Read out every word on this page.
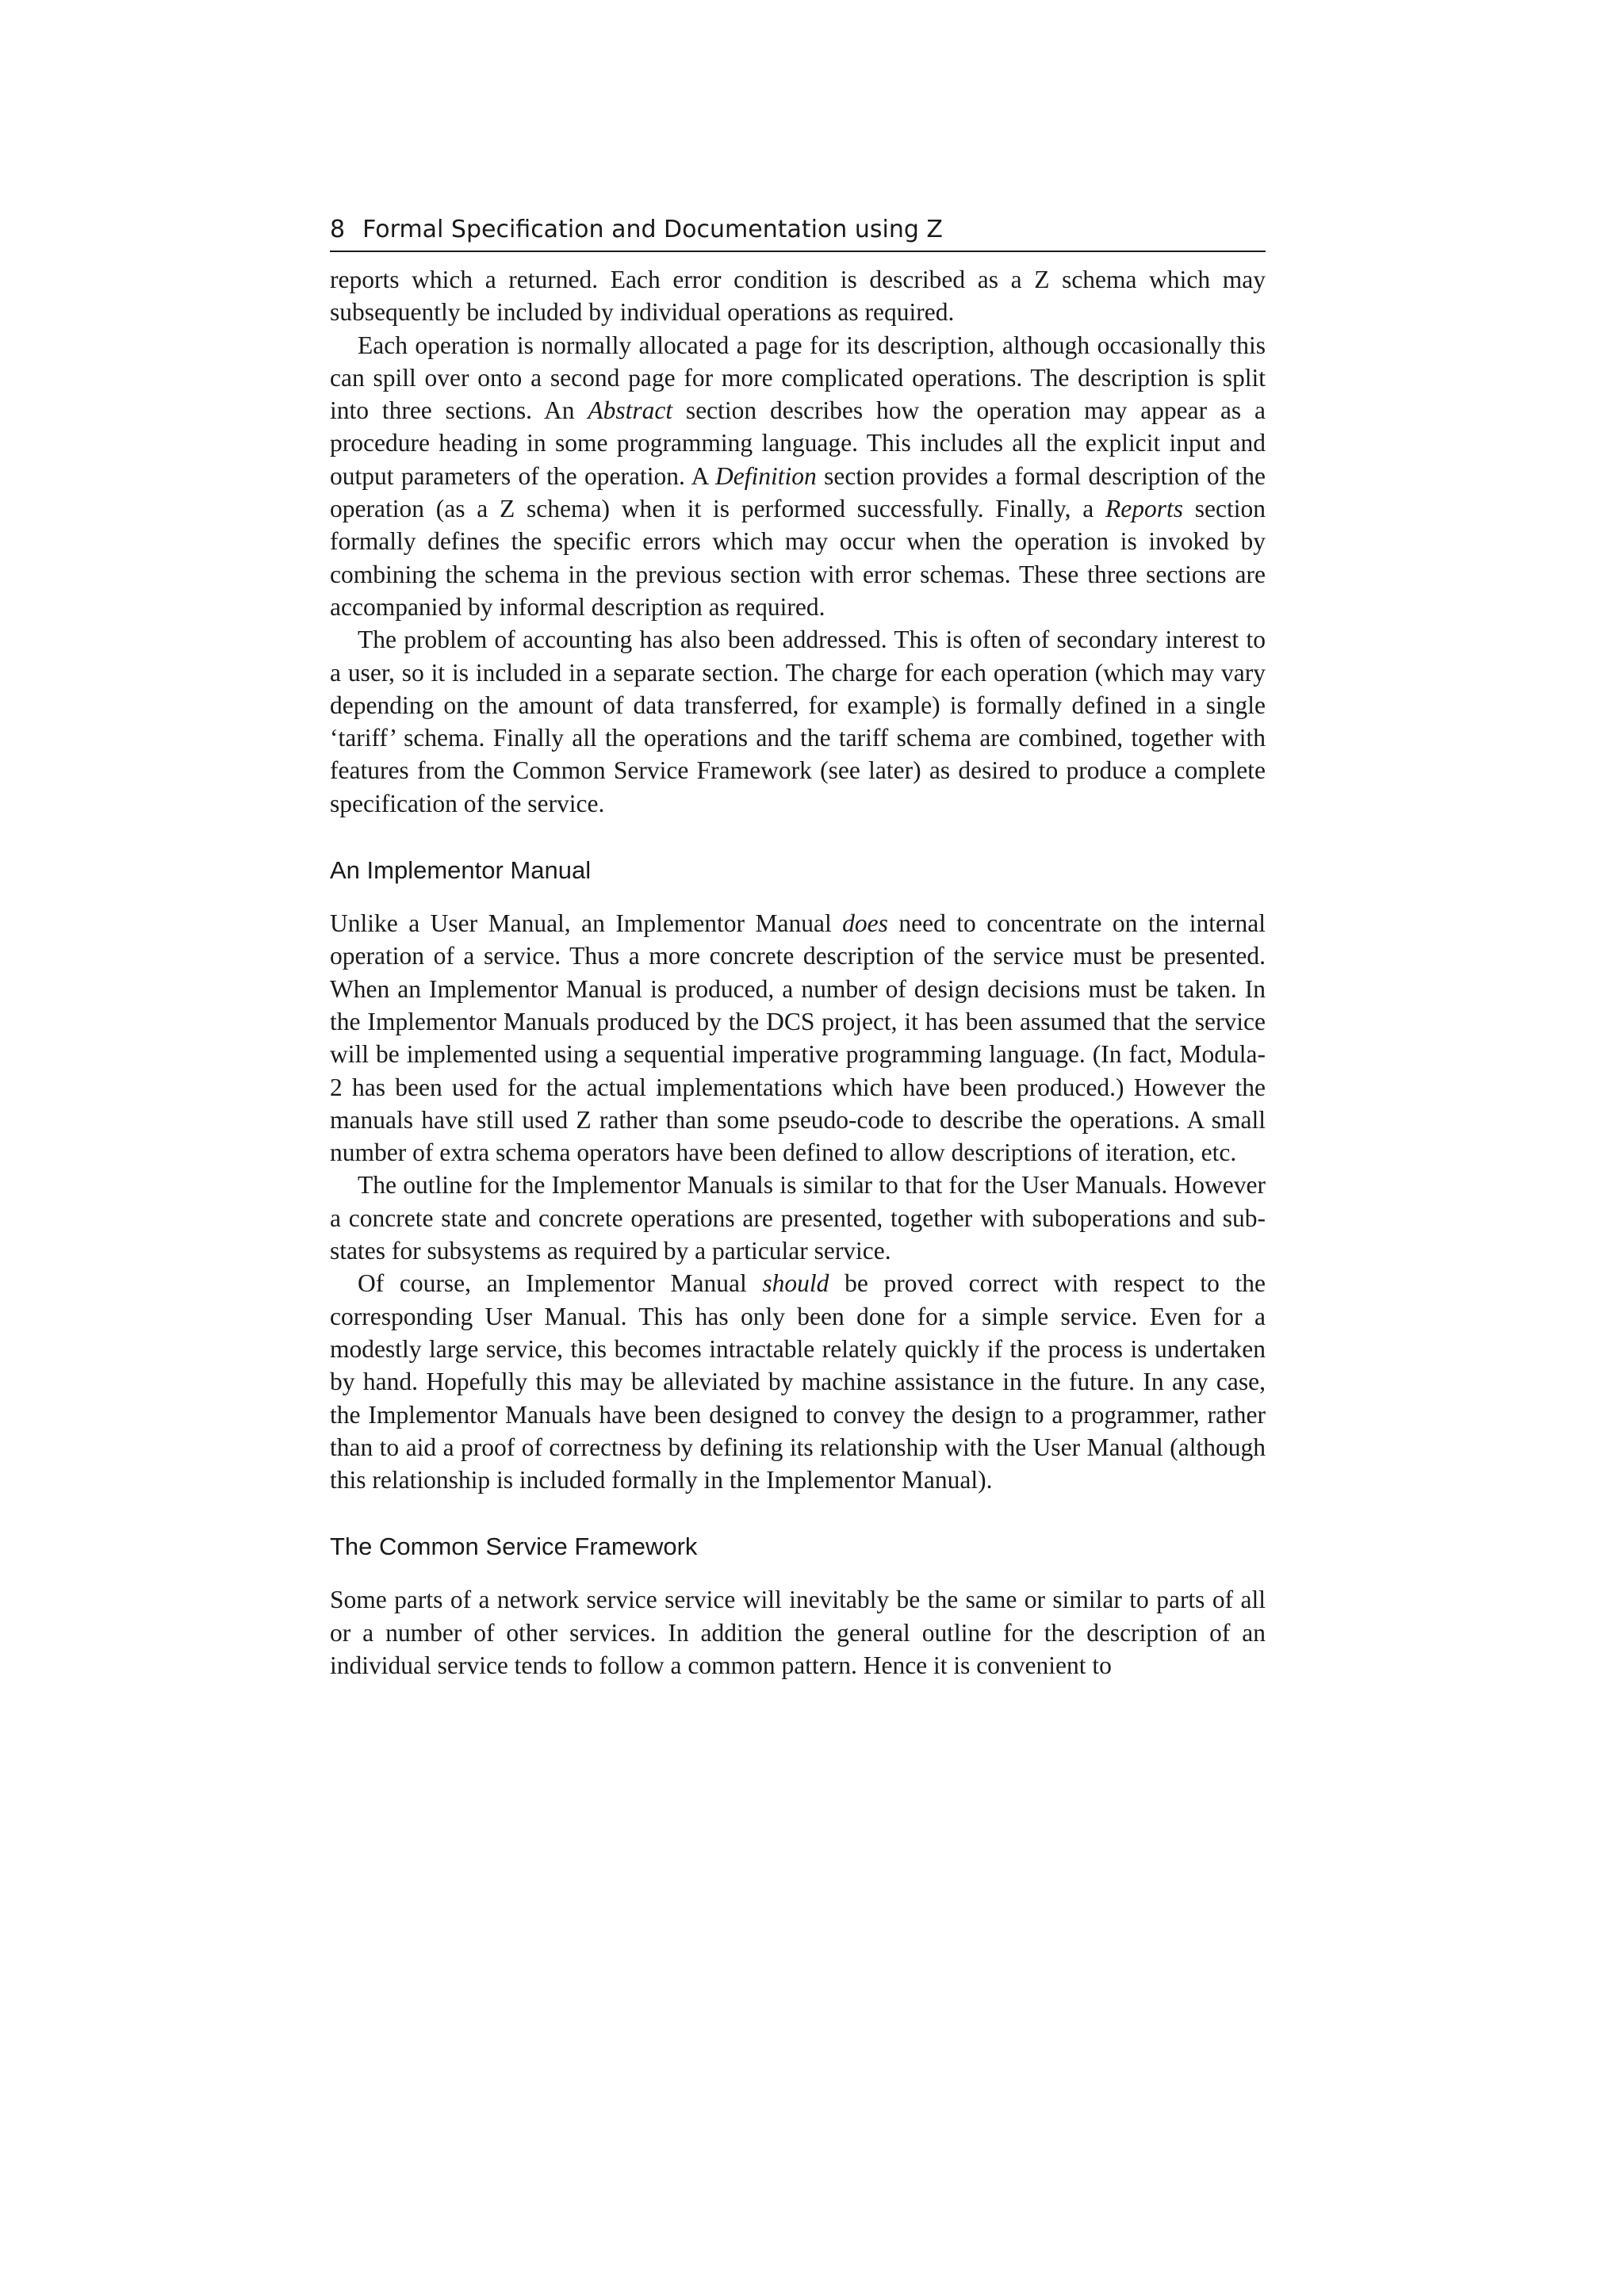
8 Formal Specification and Documentation using Z

reports which a returned. Each error condition is described as a Z schema which may subsequently be included by individual operations as required.

Each operation is normally allocated a page for its description, although occasionally this can spill over onto a second page for more complicated operations. The description is split into three sections. An Abstract section describes how the operation may appear as a procedure heading in some programming language. This includes all the explicit input and output parameters of the operation. A Definition section provides a formal description of the operation (as a Z schema) when it is performed successfully. Finally, a Reports section formally defines the specific errors which may occur when the operation is invoked by combining the schema in the previous section with error schemas. These three sections are accompanied by informal description as required.

The problem of accounting has also been addressed. This is often of secondary interest to a user, so it is included in a separate section. The charge for each operation (which may vary depending on the amount of data transferred, for example) is formally defined in a single ‘tariff’ schema. Finally all the operations and the tariff schema are combined, together with features from the Common Service Framework (see later) as desired to produce a complete specification of the service.

An Implementor Manual

Unlike a User Manual, an Implementor Manual does need to concentrate on the internal operation of a service. Thus a more concrete description of the service must be presented. When an Implementor Manual is produced, a number of design decisions must be taken. In the Implementor Manuals produced by the DCS project, it has been assumed that the service will be implemented using a sequential imperative programming language. (In fact, Modula-2 has been used for the actual implementations which have been produced.) However the manuals have still used Z rather than some pseudo-code to describe the operations. A small number of extra schema operators have been defined to allow descriptions of iteration, etc.

The outline for the Implementor Manuals is similar to that for the User Manuals. However a concrete state and concrete operations are presented, together with suboperations and sub-states for subsystems as required by a particular service.

Of course, an Implementor Manual should be proved correct with respect to the corresponding User Manual. This has only been done for a simple service. Even for a modestly large service, this becomes intractable relately quickly if the process is undertaken by hand. Hopefully this may be alleviated by machine assistance in the future. In any case, the Implementor Manuals have been designed to convey the design to a programmer, rather than to aid a proof of correctness by defining its relationship with the User Manual (although this relationship is included formally in the Implementor Manual).

The Common Service Framework

Some parts of a network service service will inevitably be the same or similar to parts of all or a number of other services. In addition the general outline for the description of an individual service tends to follow a common pattern. Hence it is convenient to
